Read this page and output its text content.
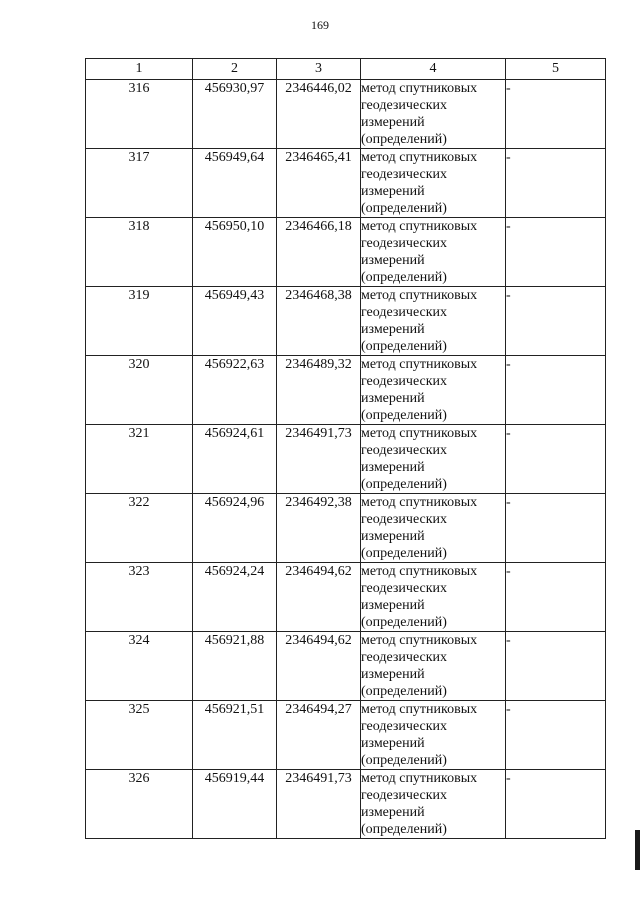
169
1	2	3	4	5
316	456930,97	2346446,02	метод спутниковых
геодезических
измерений
(определений)	-
317	456949,64	2346465,41	метод спутниковых
геодезических
измерений
(определений)	-
318	456950,10	2346466,18	метод спутниковых
геодезических
измерений
(определений)	-
319	456949,43	2346468,38	метод спутниковых
геодезических
измерений
(определений)	-
320	456922,63	2346489,32	метод спутниковых
геодезических
измерений
(определений)	-
321	456924,61	2346491,73	метод спутниковых
геодезических
измерений
(определений)	-
322	456924,96	2346492,38	метод спутниковых
геодезических
измерений
(определений)	-
323	456924,24	2346494,62	метод спутниковых
геодезических
измерений
(определений)	-
324	456921,88	2346494,62	метод спутниковых
геодезических
измерений
(определений)	-
325	456921,51	2346494,27	метод спутниковых
геодезических
измерений
(определений)	-
326	456919,44	2346491,73	метод спутниковых
геодезических
измерений
(определений)	-
